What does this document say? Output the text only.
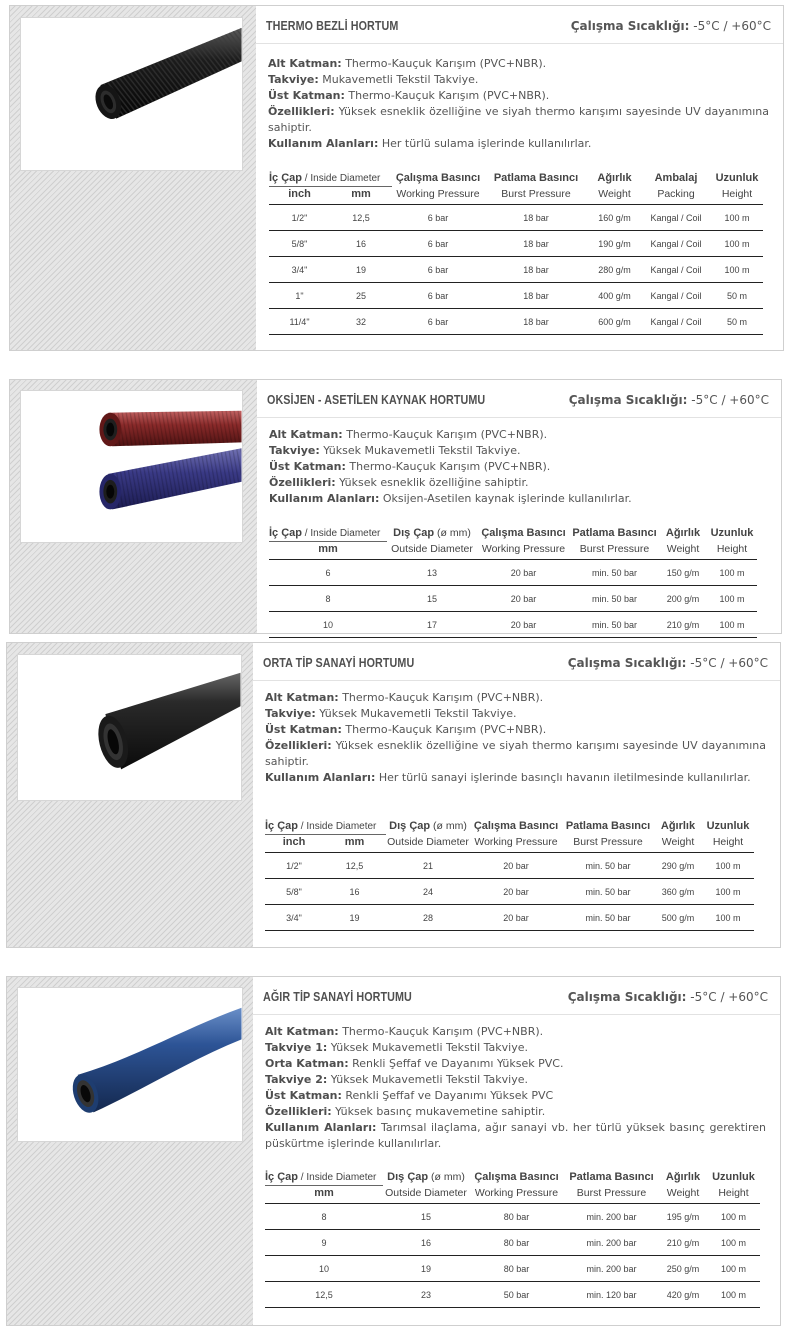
THERMO BEZLİ HORTUM	Çalışma Sıcaklığı: -5°C / +60°C

Alt Katman: Thermo-Kauçuk Karışım (PVC+NBR).

Takviye: Mukavemetli Tekstil Takviye.

Üst Katman: Thermo-Kauçuk Karışım (PVC+NBR).

Özellikleri: Yüksek esneklik özelliğine ve siyah thermo karışımı sayesinde UV dayanımına sahiptir.

Kullanım Alanları: Her türlü sulama işlerinde kullanılırlar.

İç Çap / Inside Diameter		Çalışma Basıncı	Patlama Basıncı	Ağırlık	Ambalaj	Uzunluk
inch	mm	Working Pressure	Burst Pressure	Weight	Packing	Height
1/2"	12,5	6 bar	18 bar	160 g/m	Kangal / Coil	100 m
5/8"	16	6 bar	18 bar	190 g/m	Kangal / Coil	100 m
3/4"	19	6 bar	18 bar	280 g/m	Kangal / Coil	100 m
1"	25	6 bar	18 bar	400 g/m	Kangal / Coil	50 m
11/4"	32	6 bar	18 bar	600 g/m	Kangal / Coil	50 m
OKSİJEN - ASETİLEN KAYNAK HORTUMU	Çalışma Sıcaklığı: -5°C / +60°C

Alt Katman: Thermo-Kauçuk Karışım (PVC+NBR).

Takviye: Yüksek Mukavemetli Tekstil Takviye.

Üst Katman: Thermo-Kauçuk Karışım (PVC+NBR).

Özellikleri: Yüksek esneklik özelliğine sahiptir.

Kullanım Alanları: Oksijen-Asetilen kaynak işlerinde kullanılırlar.

İç Çap / Inside Diameter	Dış Çap (ø mm)	Çalışma Basıncı	Patlama Basıncı	Ağırlık	Uzunluk
mm	Outside Diameter	Working Pressure	Burst Pressure	Weight	Height
6	13	20 bar	min. 50 bar	150 g/m	100 m
8	15	20 bar	min. 50 bar	200 g/m	100 m
10	17	20 bar	min. 50 bar	210 g/m	100 m
ORTA TİP SANAYİ HORTUMU	Çalışma Sıcaklığı: -5°C / +60°C

Alt Katman: Thermo-Kauçuk Karışım (PVC+NBR).

Takviye: Yüksek Mukavemetli Tekstil Takviye.

Üst Katman: Thermo-Kauçuk Karışım (PVC+NBR).

Özellikleri: Yüksek esneklik özelliğine ve siyah thermo karışımı sayesinde UV dayanımına sahiptir.

Kullanım Alanları: Her türlü sanayi işlerinde basınçlı havanın iletilmesinde kullanılırlar.

İç Çap / Inside Diameter		Dış Çap (ø mm)	Çalışma Basıncı	Patlama Basıncı	Ağırlık	Uzunluk
inch	mm	Outside Diameter	Working Pressure	Burst Pressure	Weight	Height
1/2"	12,5	21	20 bar	min. 50 bar	290 g/m	100 m
5/8"	16	24	20 bar	min. 50 bar	360 g/m	100 m
3/4"	19	28	20 bar	min. 50 bar	500 g/m	100 m
AĞIR TİP SANAYİ HORTUMU	Çalışma Sıcaklığı: -5°C / +60°C

Alt Katman: Thermo-Kauçuk Karışım (PVC+NBR).

Takviye 1: Yüksek Mukavemetli Tekstil Takviye.

Orta Katman: Renkli Şeffaf ve Dayanımı Yüksek PVC.

Takviye 2: Yüksek Mukavemetli Tekstil Takviye.

Üst Katman: Renkli Şeffaf ve Dayanımı Yüksek PVC

Özellikleri: Yüksek basınç mukavemetine sahiptir.

Kullanım Alanları: Tarımsal ilaçlama, ağır sanayi vb. her türlü yüksek basınç gerektiren püskürtme işlerinde kullanılırlar.

İç Çap / Inside Diameter	Dış Çap (ø mm)	Çalışma Basıncı	Patlama Basıncı	Ağırlık	Uzunluk
mm	Outside Diameter	Working Pressure	Burst Pressure	Weight	Height
8	15	80 bar	min. 200 bar	195 g/m	100 m
9	16	80 bar	min. 200 bar	210 g/m	100 m
10	19	80 bar	min. 200 bar	250 g/m	100 m
12,5	23	50 bar	min. 120 bar	420 g/m	100 m
